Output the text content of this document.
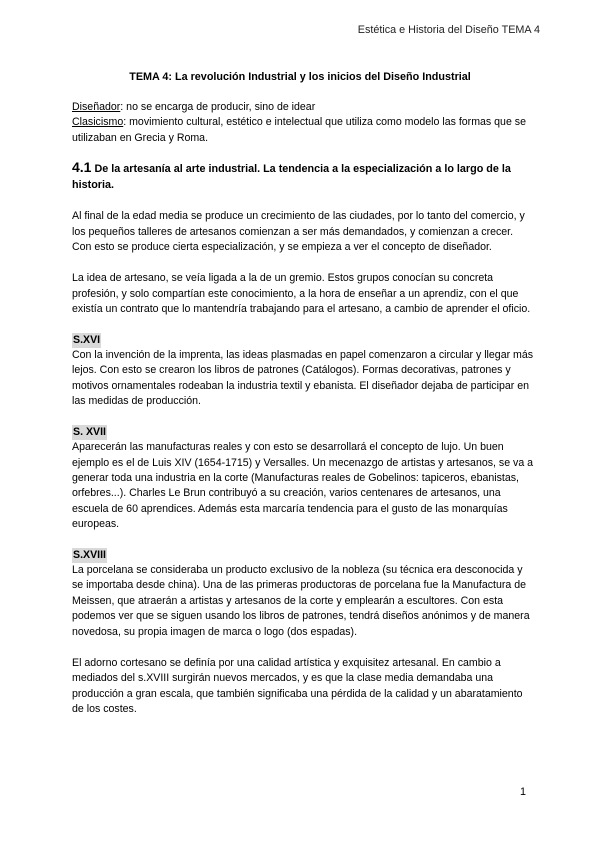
Estética e Historia del Diseño TEMA 4
TEMA 4: La revolución Industrial y los inicios del Diseño Industrial

Diseñador: no se encarga de producir, sino de idear

Clasicismo: movimiento cultural, estético e intelectual que utiliza como modelo las formas que se utilizaban en Grecia y Roma.

4.1 De la artesanía al arte industrial. La tendencia a la especialización a lo largo de la historia.

Al final de la edad media se produce un crecimiento de las ciudades, por lo tanto del comercio, y los pequeños talleres de artesanos comienzan a ser más demandados, y comienzan a crecer. Con esto se produce cierta especialización, y se empieza a ver el concepto de diseñador.

La idea de artesano, se veía ligada a la de un gremio. Estos grupos conocían su concreta profesión, y solo compartían este conocimiento, a la hora de enseñar a un aprendiz, con el que existía un contrato que lo mantendría trabajando para el artesano, a cambio de aprender el oficio.

S.XVI

Con la invención de la imprenta, las ideas plasmadas en papel comenzaron a circular y llegar más lejos. Con esto se crearon los libros de patrones (Catálogos). Formas decorativas, patrones y motivos ornamentales rodeaban la industria textil y ebanista. El diseñador dejaba de participar en las medidas de producción.

S. XVII

Aparecerán las manufacturas reales y con esto se desarrollará el concepto de lujo. Un buen ejemplo es el de Luis XIV (1654-1715) y Versalles. Un mecenazgo de artistas y artesanos, se va a generar toda una industria en la corte (Manufacturas reales de Gobelinos: tapiceros, ebanistas, orfebres...). Charles Le Brun contribuyó a su creación, varios centenares de artesanos, una escuela de 60 aprendices. Además esta marcaría tendencia para el gusto de las monarquías europeas.

S.XVIII

La porcelana se consideraba un producto exclusivo de la nobleza (su técnica era desconocida y se importaba desde china). Una de las primeras productoras de porcelana fue la Manufactura de Meissen, que atraerán a artistas y artesanos de la corte y emplearán a escultores. Con esta podemos ver que se siguen usando los libros de patrones, tendrá diseños anónimos y de manera novedosa, su propia imagen de marca o logo (dos espadas).

El adorno cortesano se definía por una calidad artística y exquisitez artesanal. En cambio a mediados del s.XVIII surgirán nuevos mercados, y es que la clase media demandaba una producción a gran escala, que también significaba una pérdida de la calidad y un abaratamiento de los costes.

1
